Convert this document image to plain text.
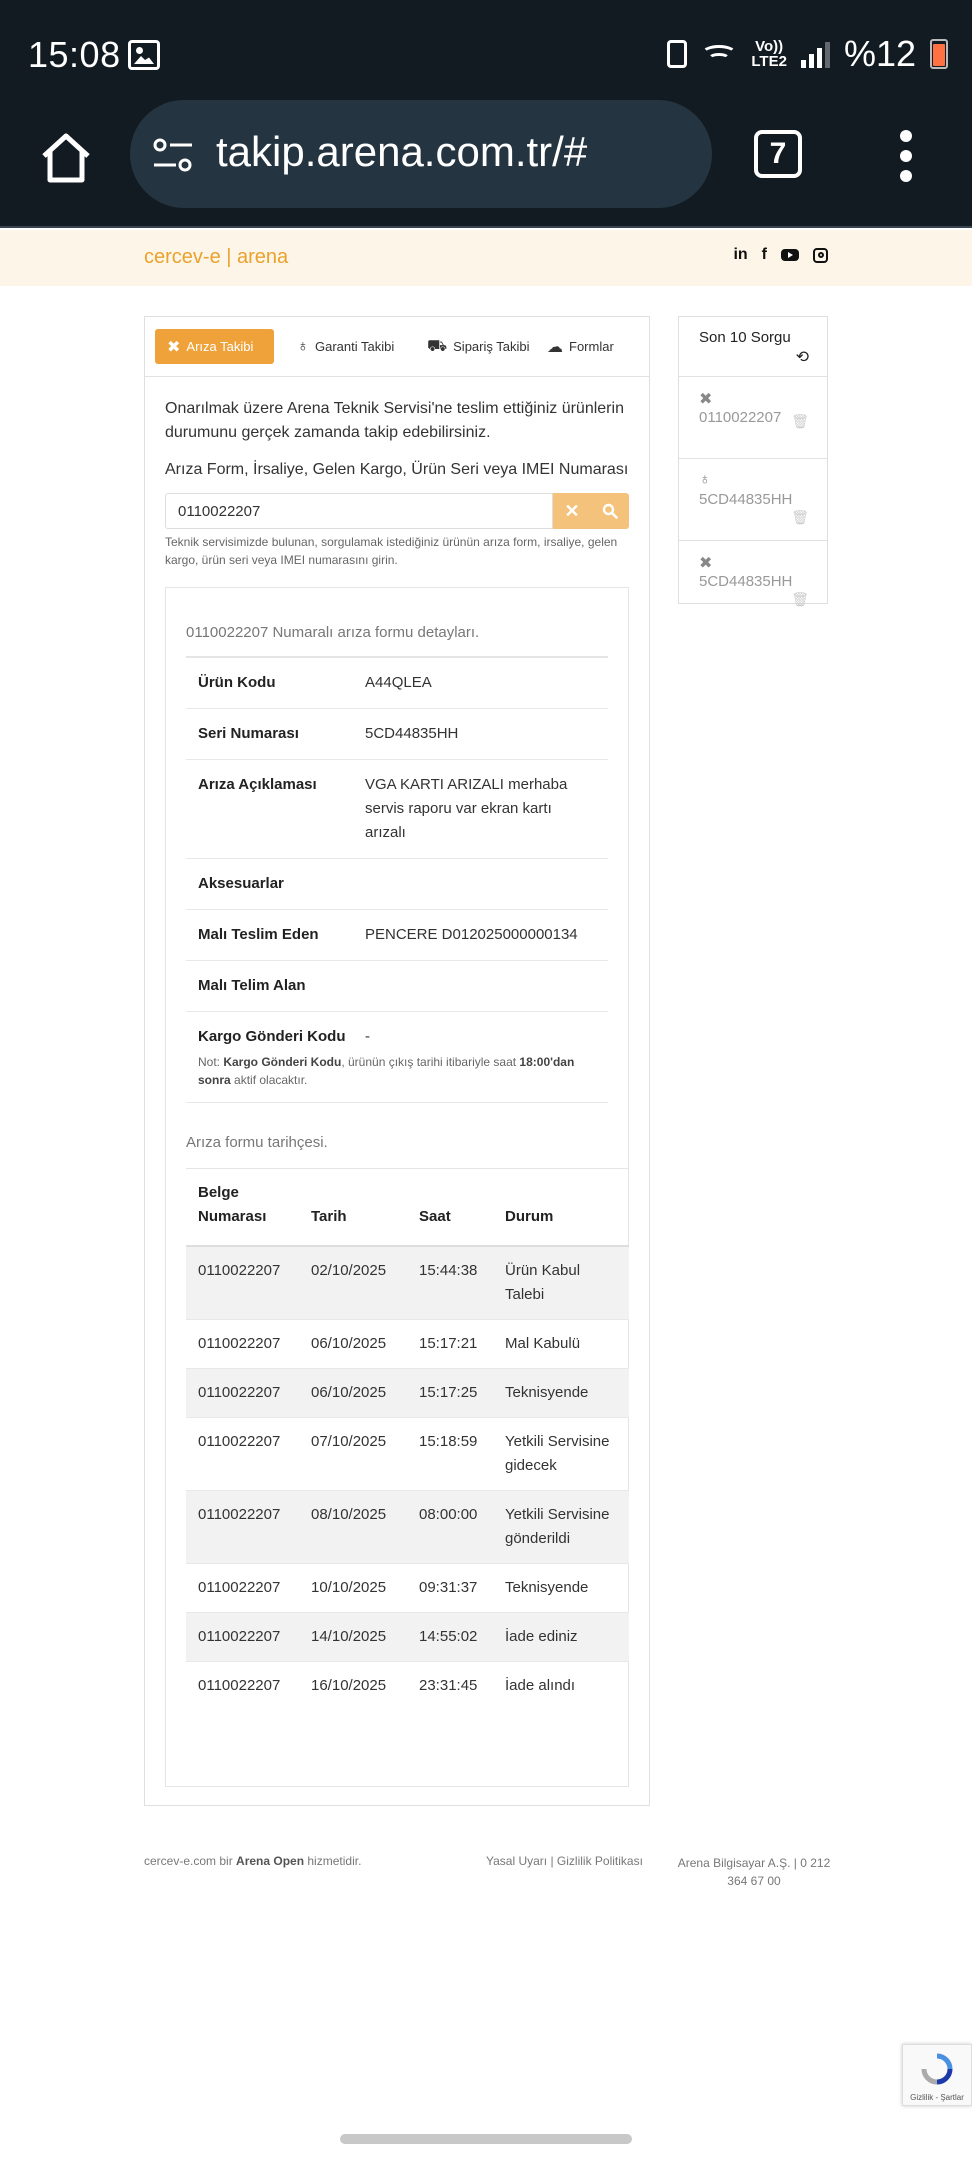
15:08	Vo))
LTE2 %12
takip.arena.com.tr/#	7
cercev-e | arena	in f
✖ Arıza Takibi	♁ Garanti Takibi ⛟ Sipariş Takibi ☁ Formlar
Onarılmak üzere Arena Teknik Servisi'ne teslim ettiğiniz ürünlerin durumunu gerçek zamanda takip edebilirsiniz.
Arıza Form, İrsaliye, Gelen Kargo, Ürün Seri veya IMEI Numarası
0110022207
✕
Teknik servisimizde bulunan, sorgulamak istediğiniz ürünün arıza form, irsaliye, gelen kargo, ürün seri veya IMEI numarasını girin.
0110022207 Numaralı arıza formu detayları.
Ürün Kodu	A44QLEA
Seri Numarası	5CD44835HH
Arıza Açıklaması	VGA KARTI ARIZALI merhaba servis raporu var ekran kartı arızalı
Aksesuarlar
Malı Teslim Eden	PENCERE D012025000000134
Malı Telim Alan
Kargo Gönderi Kodu	-
Not: Kargo Gönderi Kodu, ürünün çıkış tarihi itibariyle saat 18:00'dan sonra aktif olacaktır.
Arıza formu tarihçesi.
Belge Numarası	Tarih	Saat	Durum
0110022207	02/10/2025	15:44:38	Ürün Kabul Talebi
0110022207	06/10/2025	15:17:21	Mal Kabulü
0110022207	06/10/2025	15:17:25	Teknisyende
0110022207	07/10/2025	15:18:59	Yetkili Servisine gidecek
0110022207	08/10/2025	08:00:00	Yetkili Servisine gönderildi
0110022207	10/10/2025	09:31:37	Teknisyende
0110022207	14/10/2025	14:55:02	İade ediniz
0110022207	16/10/2025	23:31:45	İade alındı
Son 10 Sorgu
⟲
✖
0110022207 🗑
♁
5CD44835HH
🗑
✖
5CD44835HH
🗑
cercev-e.com bir Arena Open hizmetidir.	Yasal Uyarı | Gizlilik Politikası	Arena Bilgisayar A.Ş. | 0 212 364 67 00
Gizlilik - Şartlar
